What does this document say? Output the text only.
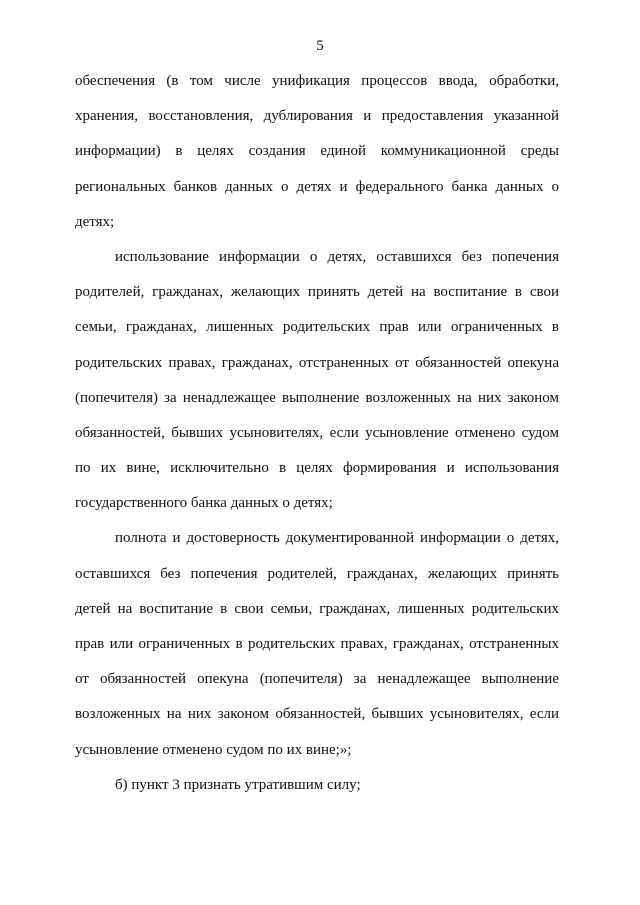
5
обеспечения (в том числе унификация процессов ввода, обработки,
хранения, восстановления, дублирования и предоставления указанной
информации) в целях создания единой коммуникационной среды
региональных банков данных о детях и федерального банка данных о
детях;
использование информации о детях, оставшихся без попечения
родителей, гражданах, желающих принять детей на воспитание в свои
семьи, гражданах, лишенных родительских прав или ограниченных в
родительских правах, гражданах, отстраненных от обязанностей опекуна
(попечителя) за ненадлежащее выполнение возложенных на них законом
обязанностей, бывших усыновителях, если усыновление отменено судом
по их вине, исключительно в целях формирования и использования
государственного банка данных о детях;
полнота и достоверность документированной информации о детях,
оставшихся без попечения родителей, гражданах, желающих принять
детей на воспитание в свои семьи, гражданах, лишенных родительских
прав или ограниченных в родительских правах, гражданах, отстраненных
от обязанностей опекуна (попечителя) за ненадлежащее выполнение
возложенных на них законом обязанностей, бывших усыновителях, если
усыновление отменено судом по их вине;»;
б) пункт 3 признать утратившим силу;
